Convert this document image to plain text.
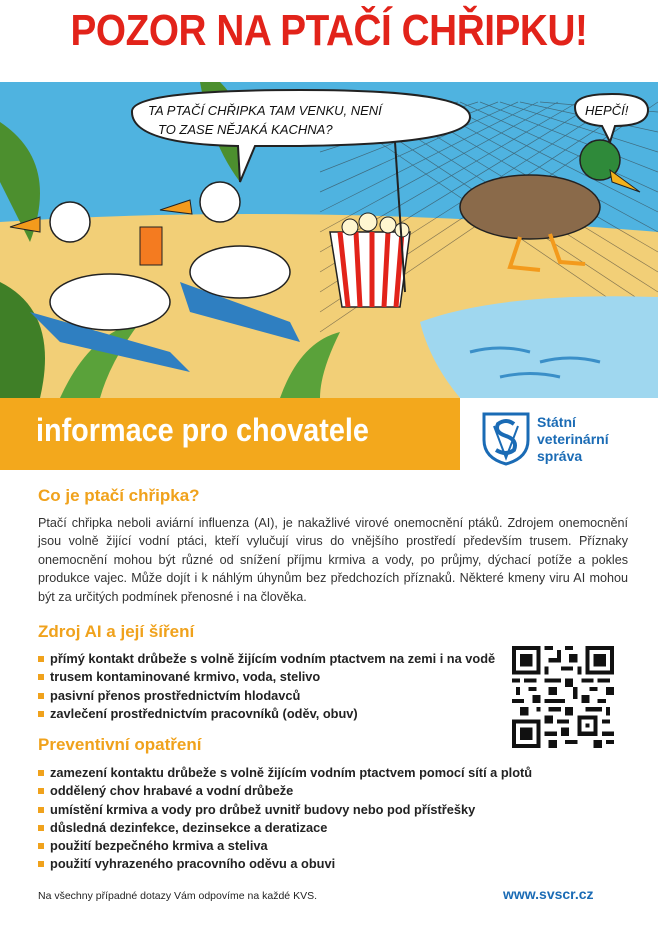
POZOR NA PTAČÍ CHŘIPKU!
TA PTAČÍ CHŘIPKA TAM VENKU, NENÍ
TO ZASE NĚJAKÁ KACHNA?
HEPČÍ!
informace pro chovatele	Státní
veterinární
správa
Co je ptačí chřipka?
Ptačí chřipka neboli aviární influenza (AI), je nakažlivé virové onemocnění ptáků. Zdrojem onemocnění jsou volně žijící vodní ptáci, kteří vylučují virus do vnějšího prostředí především trusem. Příznaky onemocnění mohou být různé od snížení příjmu krmiva a vody, po průjmy, dýchací potíže a pokles produkce vajec. Může dojít i k náhlým úhynům bez předchozích příznaků. Některé kmeny viru AI mohou být za určitých podmínek přenosné i na člověka.
Zdroj AI a její šíření
přímý kontakt drůbeže s volně žijícím vodním ptactvem na zemi i na vodě
trusem kontaminované krmivo, voda, stelivo
pasivní přenos prostřednictvím hlodavců
zavlečení prostřednictvím pracovníků (oděv, obuv)
Preventivní opatření
zamezení kontaktu drůbeže s volně žijícím vodním ptactvem pomocí sítí a plotů
oddělený chov hrabavé a vodní drůbeže
umístění krmiva a vody pro drůbež uvnitř budovy nebo pod přístřešky
důsledná dezinfekce, dezinsekce a deratizace
použití bezpečného krmiva a steliva
použití vyhrazeného pracovního oděvu a obuvi
Na všechny případné dotazy Vám odpovíme na každé KVS.	www.svscr.cz
